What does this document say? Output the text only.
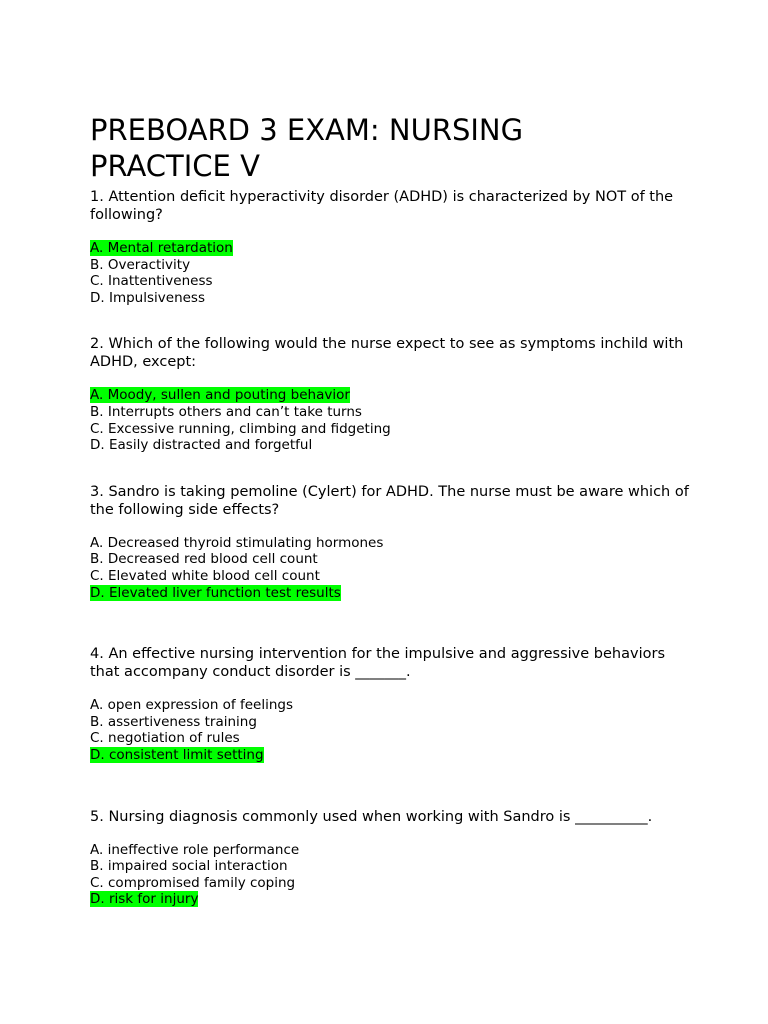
PREBOARD 3 EXAM: NURSING PRACTICE V

1. Attention deficit hyperactivity disorder (ADHD) is characterized by NOT of the following?

A. Mental retardation
B. Overactivity
C. Inattentiveness
D. Impulsiveness

2. Which of the following would the nurse expect to see as symptoms inchild with ADHD, except:

A. Moody, sullen and pouting behavior
B. Interrupts others and can’t take turns
C. Excessive running, climbing and fidgeting
D. Easily distracted and forgetful

3. Sandro is taking pemoline (Cylert) for ADHD. The nurse must be aware which of the following side effects?

A. Decreased thyroid stimulating hormones
B. Decreased red blood cell count
C. Elevated white blood cell count
D. Elevated liver function test results

4. An effective nursing intervention for the impulsive and aggressive behaviors that accompany conduct disorder is _______.

A. open expression of feelings
B. assertiveness training
C. negotiation of rules
D. consistent limit setting

5. Nursing diagnosis commonly used when working with Sandro is __________.

A. ineffective role performance
B. impaired social interaction
C. compromised family coping
D. risk for injury
